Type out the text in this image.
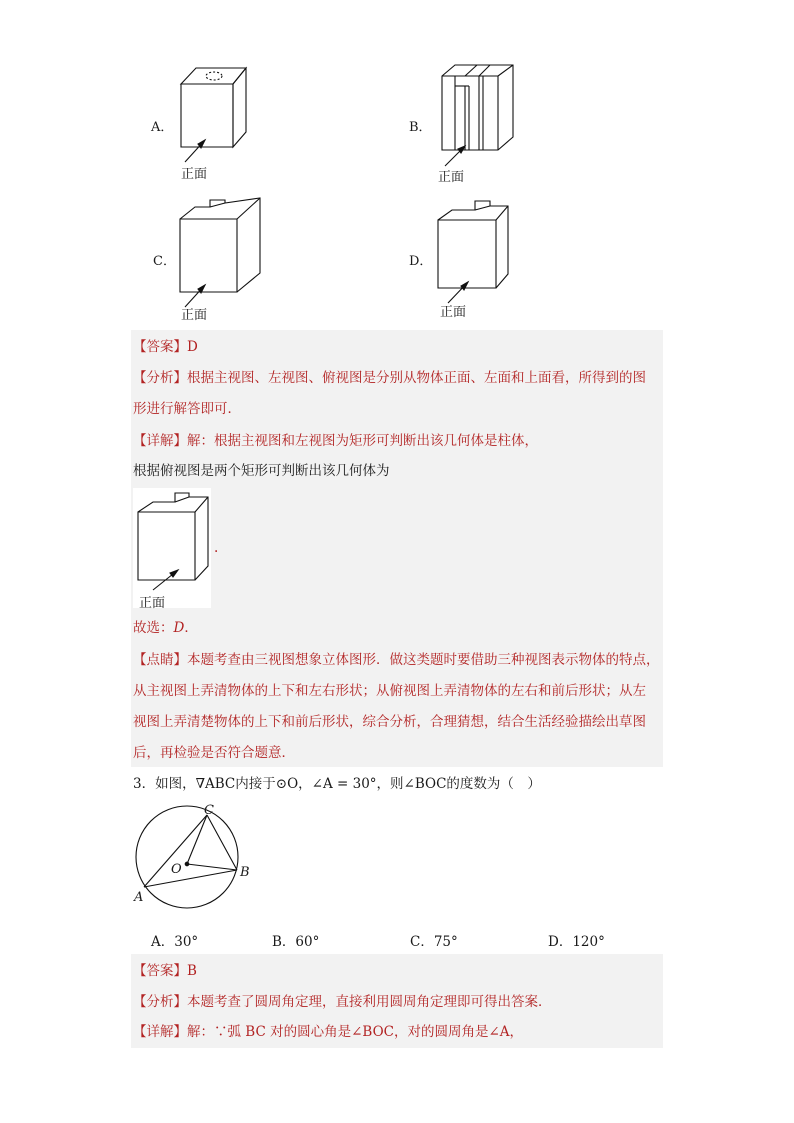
A．
正面
B．
正面
C．
正面
D．
正面
【答案】D
【分析】根据主视图、左视图、俯视图是分别从物体正面、左面和上面看，所得到的图
形进行解答即可．
【详解】解：根据主视图和左视图为矩形可判断出该几何体是柱体，
根据俯视图是两个矩形可判断出该几何体为
正面
.
故选：D．
【点睛】本题考查由三视图想象立体图形．做这类题时要借助三种视图表示物体的特点，
从主视图上弄清物体的上下和左右形状；从俯视图上弄清物体的左右和前后形状；从左
视图上弄清楚物体的上下和前后形状，综合分析，合理猜想，结合生活经验描绘出草图
后，再检验是否符合题意．
3．如图，∇ABC内接于⊙O，∠A = 30°，则∠BOC的度数为（　）
C
O	B
A
A．30°	B．60°	C．75°	D．120°
【答案】B
【分析】本题考查了圆周角定理，直接利用圆周角定理即可得出答案．
【详解】解：∵弧 BC 对的圆心角是∠BOC，对的圆周角是∠A，
